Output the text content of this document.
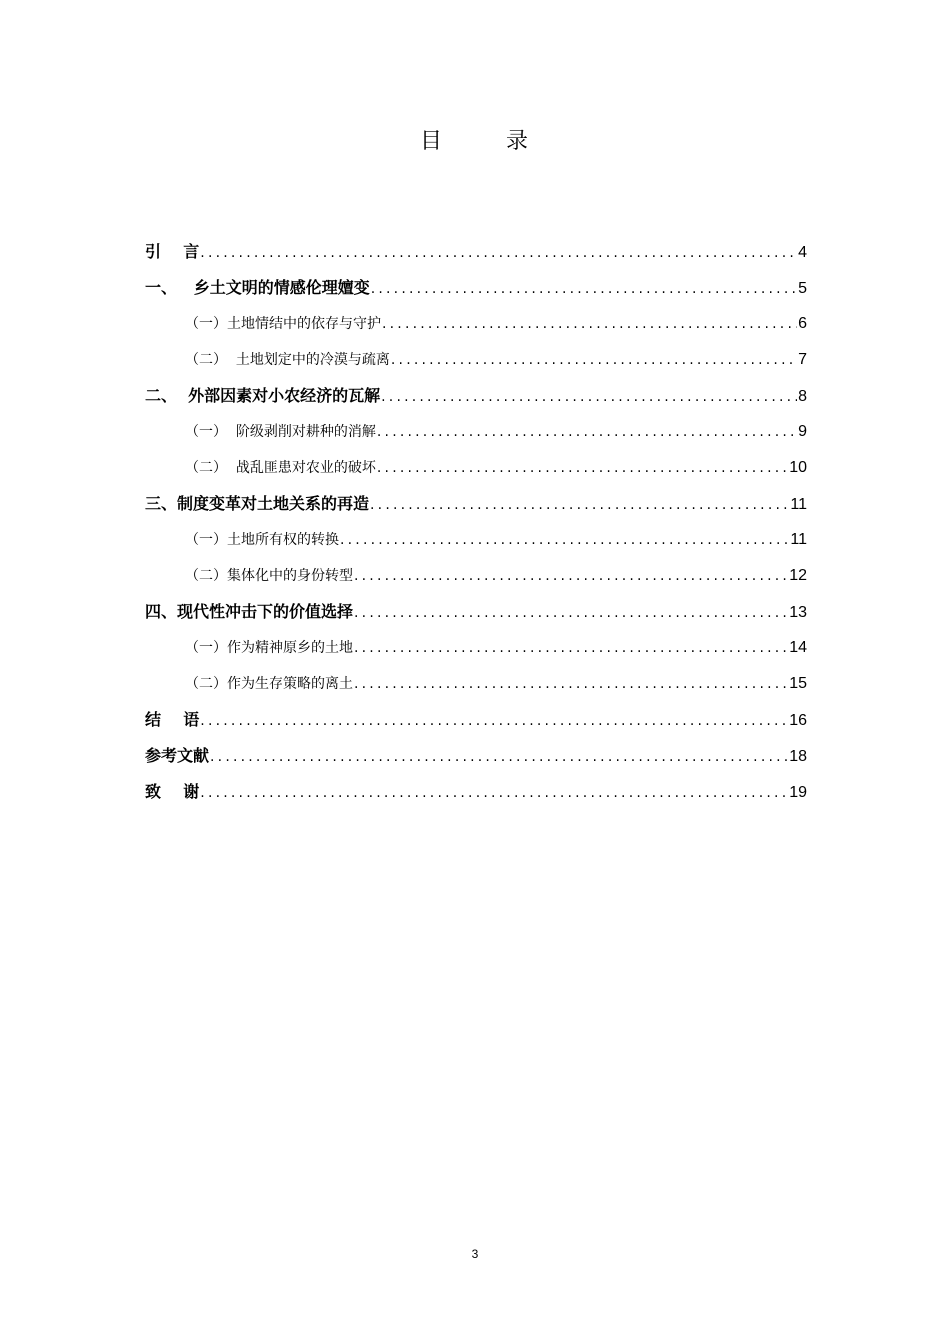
目  录
引    言 .....	4
一、   乡土文明的情感伦理嬗变 .....	5
（一）土地情结中的依存与守护 .....	6
（二）  土地划定中的冷漠与疏离 .....	7
二、  外部因素对小农经济的瓦解 .....	8
（一）  阶级剥削对耕种的消解 .....	9
（二）  战乱匪患对农业的破坏 .....	10
三、制度变革对土地关系的再造 .....	11
（一）土地所有权的转换 .....	11
（二）集体化中的身份转型 .....	12
四、现代性冲击下的价值选择 .....	13
（一）作为精神原乡的土地 .....	14
（二）作为生存策略的离土 .....	15
结    语 .....	16
参考文献 .....	18
致    谢 .....	19
3
